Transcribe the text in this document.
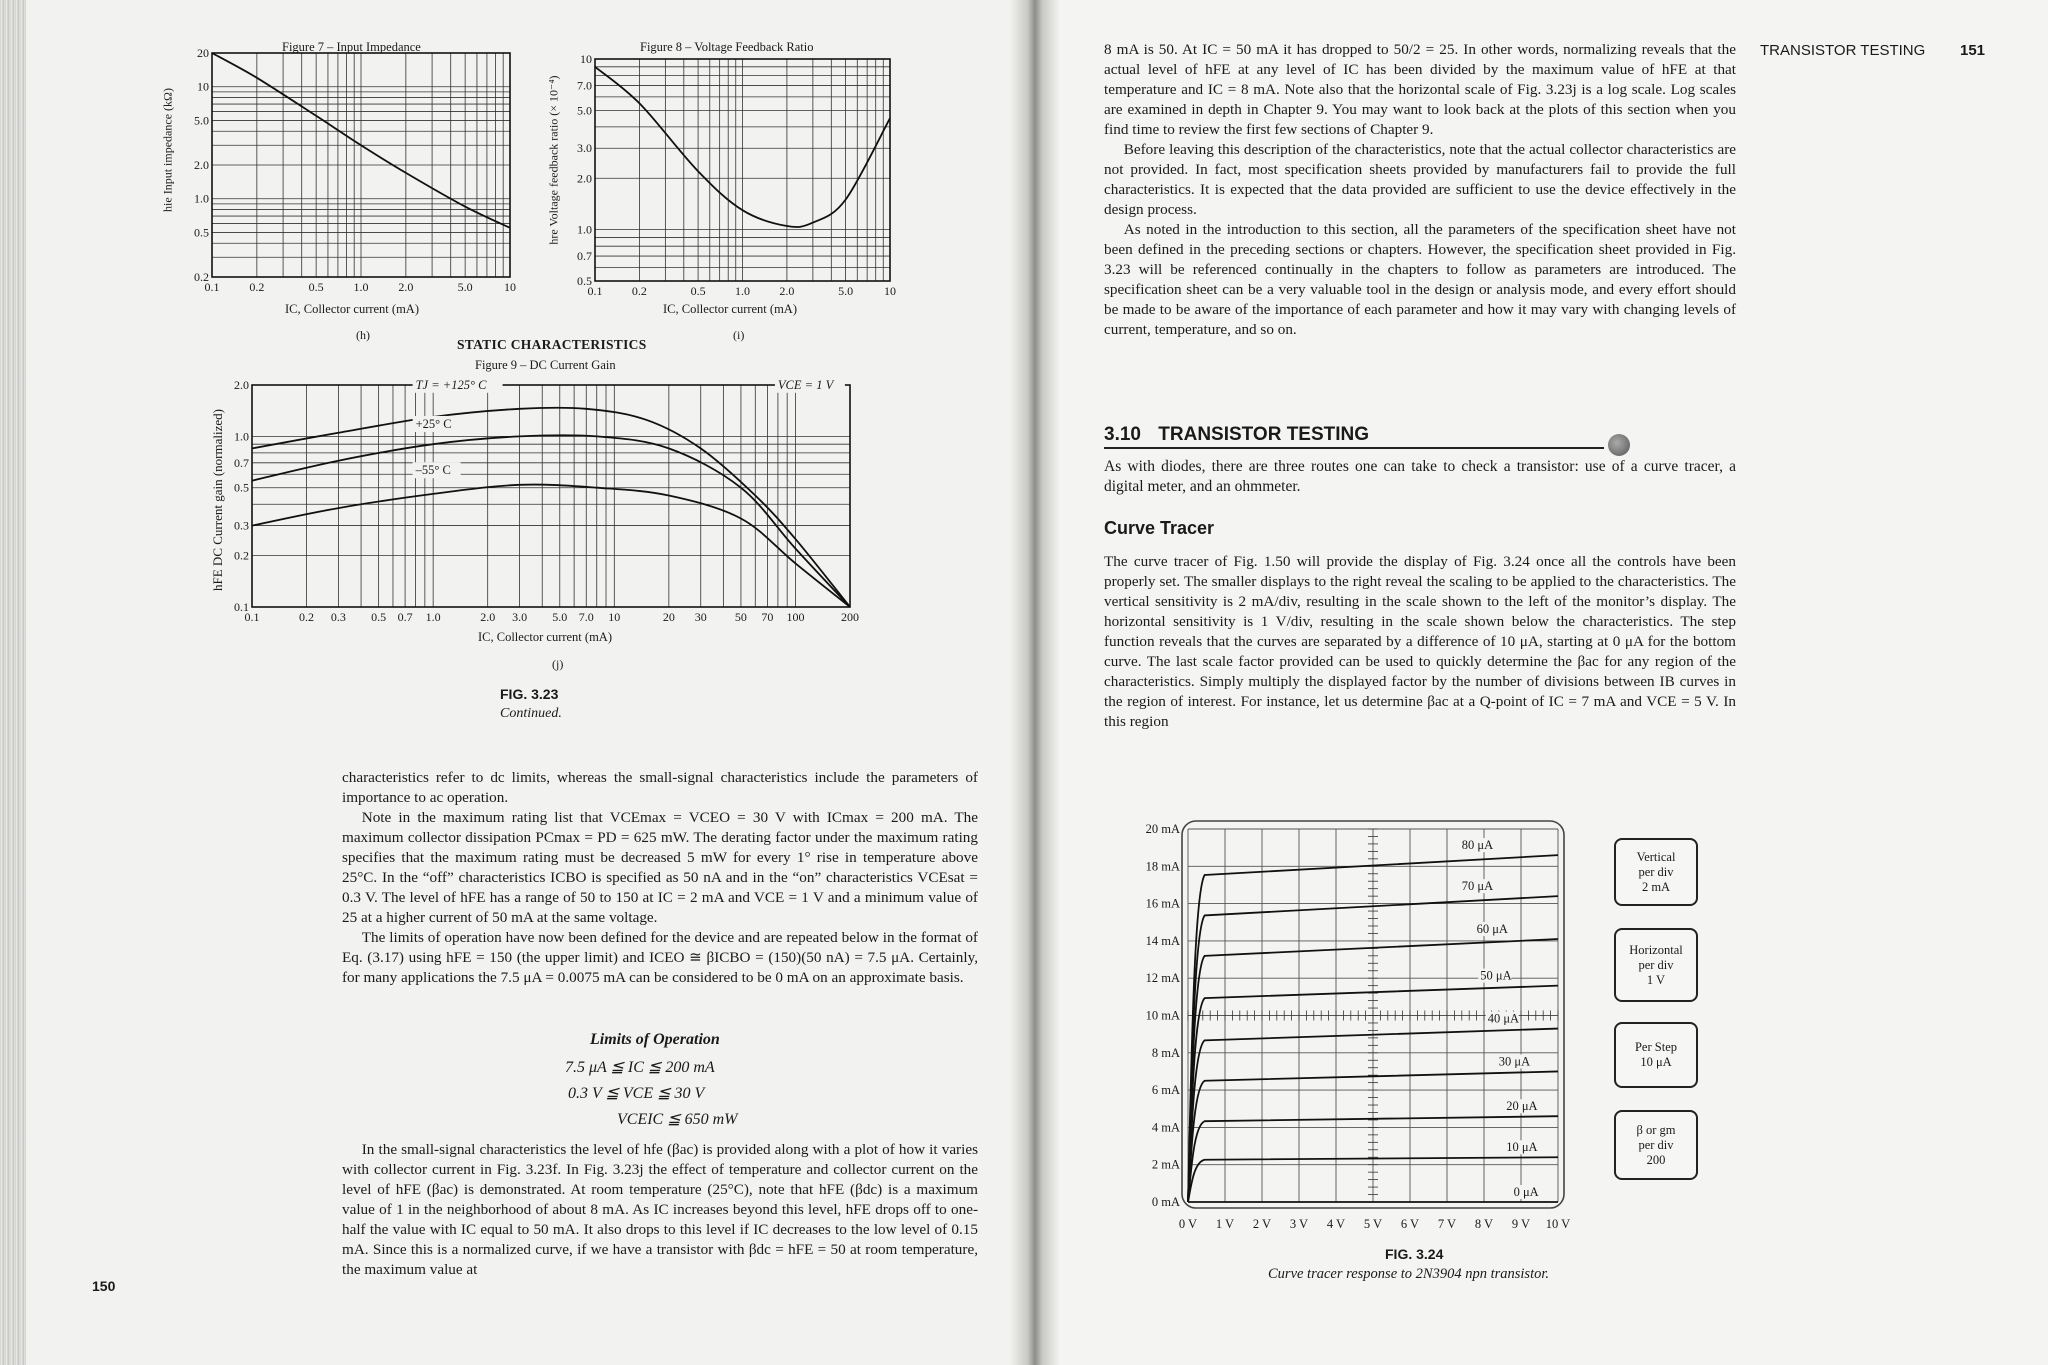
Figure 7 – Input Impedance
hie Input impedance (kΩ)
0.1 0.2	0.5 1.0 2.0	5.0	10
20
10
5.0
2.0
1.0
0.5
0.2
IC, Collector current (mA)
(h)
Figure 8 – Voltage Feedback Ratio
hre Voltage feedback ratio (× 10⁻⁴)
0.1 0.2	0.5 1.0 2.0	5.0	10
10
7.0
5.0
3.0
2.0
1.0
0.7
0.5
IC, Collector current (mA)
(i)
STATIC CHARACTERISTICS
Figure 9 – DC Current Gain
hFE DC Current gain (normalized)
0.1	0.2 0.3 0.5 0.7 1.0	2.0 3.0 5.0 7.0 10	20 30 50 70 100	200
2.0
1.0
0.7
0.5
0.3
0.2
0.1
TJ = +125° C
+25° C
–55° C
VCE = 1 V
IC, Collector current (mA)
(j)
FIG. 3.23
Continued.

characteristics refer to dc limits, whereas the small-signal characteristics include the parameters of importance to ac operation.

Note in the maximum rating list that VCEmax = VCEO = 30 V with ICmax = 200 mA. The maximum collector dissipation PCmax = PD = 625 mW. The derating factor under the maximum rating specifies that the maximum rating must be decreased 5 mW for every 1° rise in temperature above 25°C. In the “off” characteristics ICBO is specified as 50 nA and in the “on” characteristics VCEsat = 0.3 V. The level of hFE has a range of 50 to 150 at IC = 2 mA and VCE = 1 V and a minimum value of 25 at a higher current of 50 mA at the same voltage.

The limits of operation have now been defined for the device and are repeated below in the format of Eq. (3.17) using hFE = 150 (the upper limit) and ICEO ≅ βICBO = (150)(50 nA) = 7.5 μA. Certainly, for many applications the 7.5 μA = 0.0075 mA can be considered to be 0 mA on an approximate basis.

Limits of Operation
7.5 μA ≦ IC ≦ 200 mA
0.3 V ≦ VCE ≦ 30 V
VCEIC ≦ 650 mW

In the small-signal characteristics the level of hfe (βac) is provided along with a plot of how it varies with collector current in Fig. 3.23f. In Fig. 3.23j the effect of temperature and collector current on the level of hFE (βac) is demonstrated. At room temperature (25°C), note that hFE (βdc) is a maximum value of 1 in the neighborhood of about 8 mA. As IC increases beyond this level, hFE drops off to one-half the value with IC equal to 50 mA. It also drops to this level if IC decreases to the low level of 0.15 mA. Since this is a normalized curve, if we have a transistor with βdc = hFE = 50 at room temperature, the maximum value at

150
TRANSISTOR TESTING 151

8 mA is 50. At IC = 50 mA it has dropped to 50/2 = 25. In other words, normalizing reveals that the actual level of hFE at any level of IC has been divided by the maximum value of hFE at that temperature and IC = 8 mA. Note also that the horizontal scale of Fig. 3.23j is a log scale. Log scales are examined in depth in Chapter 9. You may want to look back at the plots of this section when you find time to review the first few sections of Chapter 9.

Before leaving this description of the characteristics, note that the actual collector characteristics are not provided. In fact, most specification sheets provided by manufacturers fail to provide the full characteristics. It is expected that the data provided are sufficient to use the device effectively in the design process.

As noted in the introduction to this section, all the parameters of the specification sheet have not been defined in the preceding sections or chapters. However, the specification sheet provided in Fig. 3.23 will be referenced continually in the chapters to follow as parameters are introduced. The specification sheet can be a very valuable tool in the design or analysis mode, and every effort should be made to be aware of the importance of each parameter and how it may vary with changing levels of current, temperature, and so on.

3.10 TRANSISTOR TESTING

As with diodes, there are three routes one can take to check a transistor: use of a curve tracer, a digital meter, and an ohmmeter.

Curve Tracer

The curve tracer of Fig. 1.50 will provide the display of Fig. 3.24 once all the controls have been properly set. The smaller displays to the right reveal the scaling to be applied to the characteristics. The vertical sensitivity is 2 mA/div, resulting in the scale shown to the left of the monitor’s display. The horizontal sensitivity is 1 V/div, resulting in the scale shown below the characteristics. The step function reveals that the curves are separated by a difference of 10 μA, starting at 0 μA for the bottom curve. The last scale factor provided can be used to quickly determine the βac for any region of the characteristics. Simply multiply the displayed factor by the number of divisions between IB curves in the region of interest. For instance, let us determine βac at a Q-point of IC = 7 mA and VCE = 5 V. In this region

20 mA
18 mA
16 mA
14 mA
12 mA
10 mA
8 mA
6 mA
4 mA
2 mA
0 mA
0 V 1 V 2 V 3 V 4 V 5 V 6 V 7 V 8 V 9 V 10 V
80 μA
70 μA
60 μA
50 μA
40 μA
30 μA
20 μA
10 μA
0 μA
Vertical
per div
2 mA
Horizontal
per div
1 V
Per Step
10 μA
β or gm
per div
200
FIG. 3.24
Curve tracer response to 2N3904 npn transistor.
